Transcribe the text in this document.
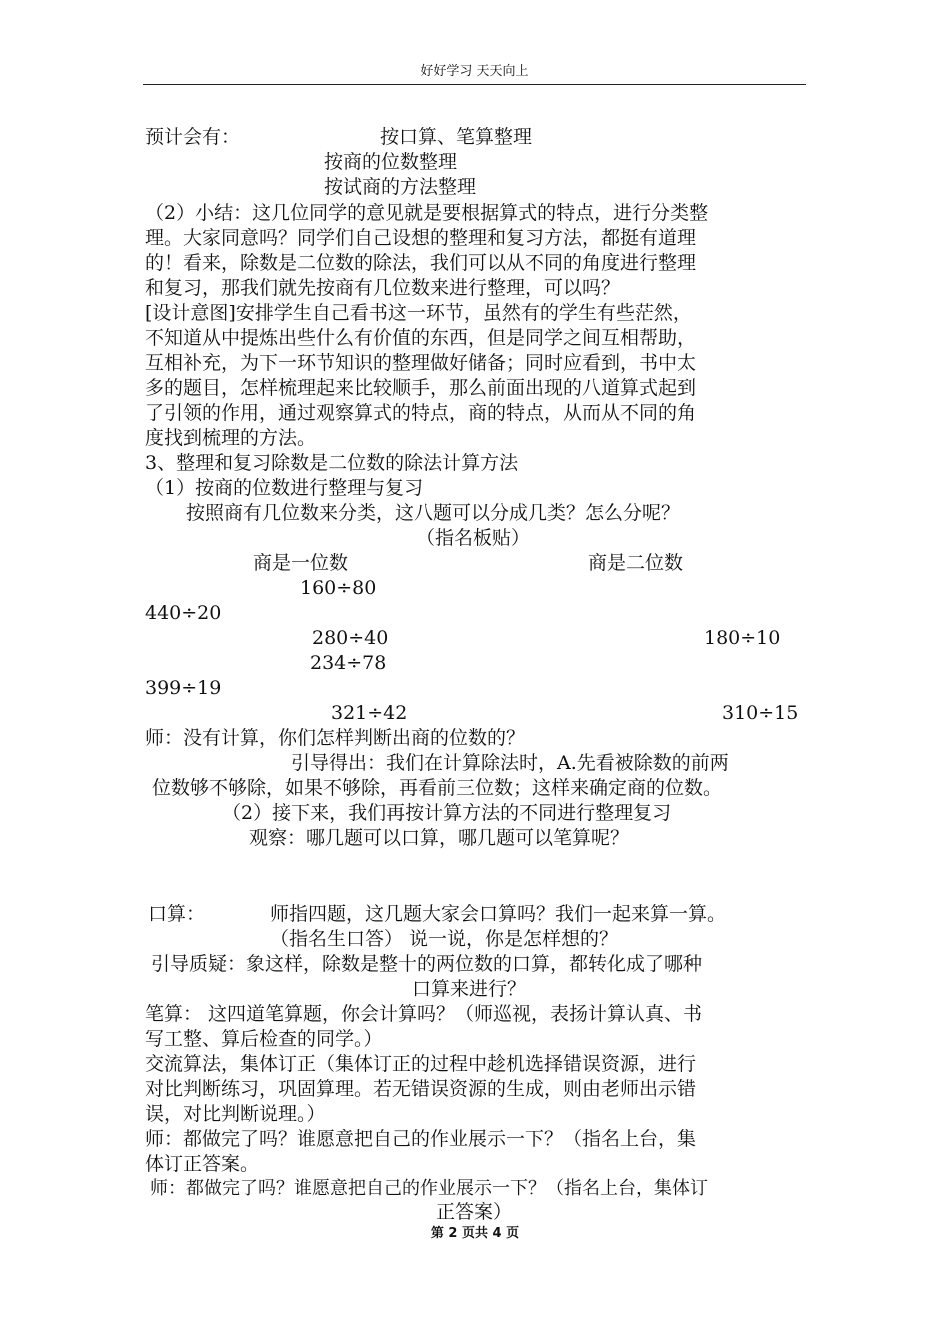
好好学习 天天向上
预计会有：	按口算、笔算整理
按商的位数整理
按试商的方法整理
（2）小结：这几位同学的意见就是要根据算式的特点，进行分类整
理。大家同意吗？同学们自己设想的整理和复习方法，都挺有道理
的！看来，除数是二位数的除法，我们可以从不同的角度进行整理
和复习，那我们就先按商有几位数来进行整理，可以吗？
[设计意图]安排学生自己看书这一环节，虽然有的学生有些茫然，
不知道从中提炼出些什么有价值的东西，但是同学之间互相帮助，
互相补充，为下一环节知识的整理做好储备；同时应看到，书中太
多的题目，怎样梳理起来比较顺手，那么前面出现的八道算式起到
了引领的作用，通过观察算式的特点，商的特点，从而从不同的角
度找到梳理的方法。
3、整理和复习除数是二位数的除法计算方法
（1）按商的位数进行整理与复习
按照商有几位数来分类，这八题可以分成几类？怎么分呢？
（指名板贴）
商是一位数	商是二位数
160÷80
440÷20
280÷40	180÷10
234÷78
399÷19
321÷42	310÷15
师：没有计算，你们怎样判断出商的位数的？
引导得出：我们在计算除法时，A.先看被除数的前两
位数够不够除，如果不够除，再看前三位数；这样来确定商的位数。
（2）接下来，我们再按计算方法的不同进行整理复习
观察：哪几题可以口算，哪几题可以笔算呢？
口算：	师指四题，这几题大家会口算吗？我们一起来算一算。
（指名生口答） 说一说，你是怎样想的？
引导质疑：象这样，除数是整十的两位数的口算，都转化成了哪种
口算来进行？
笔算： 这四道笔算题，你会计算吗？（师巡视，表扬计算认真、书
写工整、算后检查的同学。）
交流算法，集体订正（集体订正的过程中趁机选择错误资源，进行
对比判断练习，巩固算理。若无错误资源的生成，则由老师出示错
误，对比判断说理。）
师：都做完了吗？谁愿意把自己的作业展示一下？（指名上台，集
体订正答案。
师：都做完了吗？谁愿意把自己的作业展示一下？（指名上台，集体订
正答案）
第 2 页共 4 页
